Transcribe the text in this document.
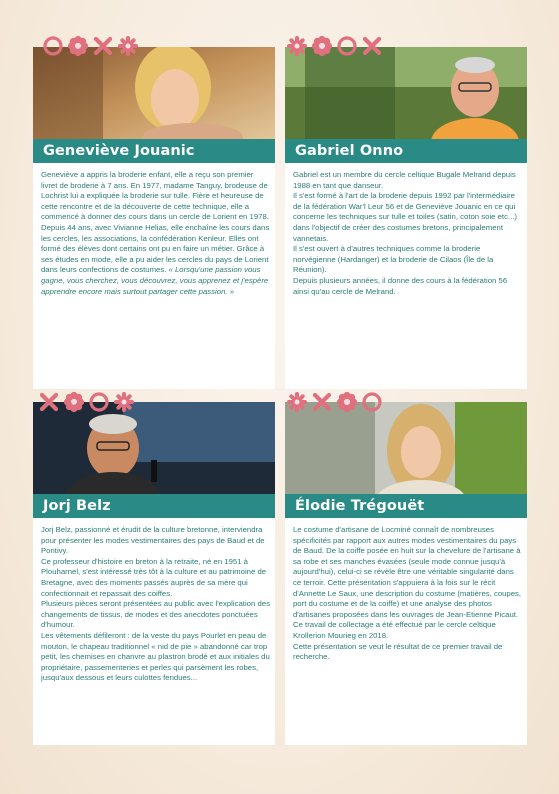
Geneviève Jouanic

Geneviève a appris la broderie enfant, elle a reçu son premier livret de broderie à 7 ans. En 1977, madame Tanguy, brodeuse de Lochrist lui a expliquée la broderie sur tulle. Fière et heureuse de cette rencontre et de la découverte de cette technique, elle a commencé à donner des cours dans un cercle de Lorient en 1978. Depuis 44 ans, avec Vivianne Helias, elle enchaîne les cours dans les cercles, les associations, la confédération Kenleur. Elles ont formé des élèves dont certains ont pu en faire un métier. Grâce à ses études en mode, elle a pu aider les cercles du pays de Lorient dans leurs confections de costumes. « Lorsqu'une passion vous gagne, vous cherchez, vous découvrez, vous apprenez et j'espère apprendre encore mais surtout partager cette passion. »

Gabriel Onno

Gabriel est un membre du cercle celtique Bugale Melrand depuis 1988 en tant que danseur.

Il s'est formé à l'art de la broderie depuis 1992 par l'intermédiaire de la fédération War'l Leur 56 et de Geneviève Jouanic en ce qui concerne les techniques sur tulle et toiles (satin, coton soie etc...) dans l'objectif de créer des costumes bretons, principalement vannetais.

Il s'est ouvert à d'autres techniques comme la broderie norvégienne (Hardanger) et la broderie de Cilaos (Île de la Réunion).

Depuis plusieurs années, il donne des cours à la fédération 56 ainsi qu'au cercle de Melrand.

Jorj Belz

Jorj Belz, passionné et érudit de la culture bretonne, interviendra pour présenter les modes vestimentaires des pays de Baud et de Pontivy.

Ce professeur d'histoire en breton à la retraite, né en 1951 à Plouharnel, s'est intéressé très tôt à la culture et au patrimoine de Bretagne, avec des moments passés auprès de sa mère qui confectionnait et repassait des coiffes.

Plusieurs pièces seront présentées au public avec l'explication des changements de tissus, de modes et des anecdotes ponctuées d'humour.

Les vêtements défileront : de la veste du pays Pourlet en peau de mouton, le chapeau traditionnel « nid de pie » abandonné car trop petit, les chemises en chanvre au plastron brodé et aux initiales du propriétaire, passementeries et perles qui parsèment les robes, jusqu'aux dessous et leurs culottes fendues...

Élodie Trégouët

Le costume d'artisane de Locminé connaît de nombreuses spécificités par rapport aux autres modes vestimentaires du pays de Baud. De la coiffe posée en huit sur la chevelure de l'artisane à sa robe et ses manches évasées (seule mode connue jusqu'à aujourd'hui), celui-ci se révèle être une véritable singularité dans ce terroir. Cette présentation s'appuiera à la fois sur le récit d'Annette Le Saux, une description du costume (matières, coupes, port du costume et de la coiffe) et une analyse des photos d'artisanes proposées dans les ouvrages de Jean-Etienne Picaut.

Ce travail de collectage a été effectué par le cercle celtique Krollerion Mourieg en 2018.

Cette présentation se veut le résultat de ce premier travail de recherche.
